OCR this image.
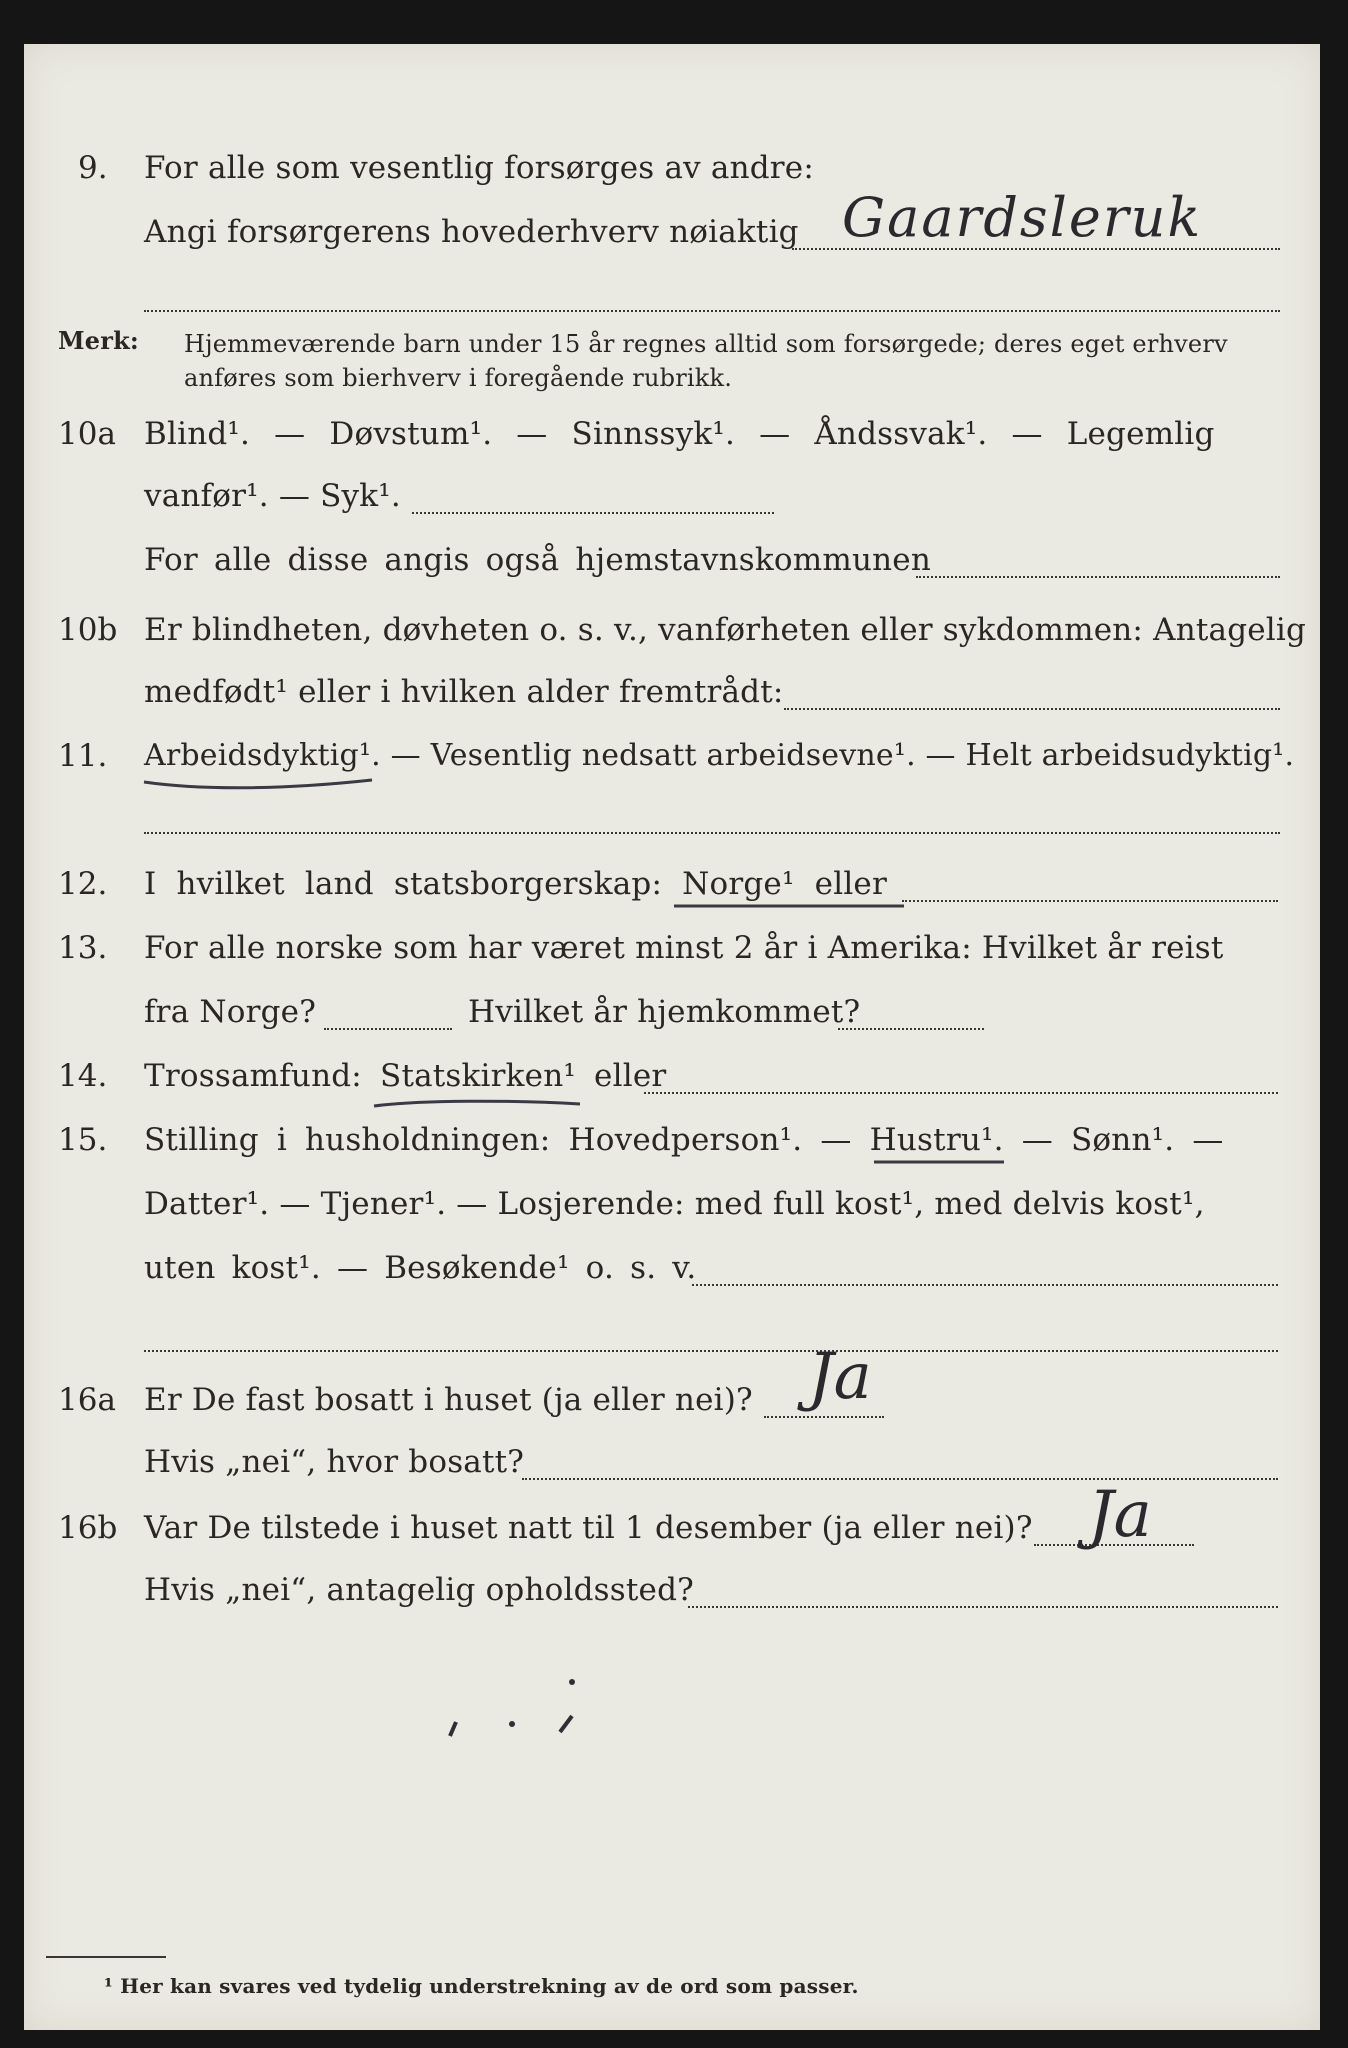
9. For alle som vesentlig forsørges av andre:
Angi forsørgerens hovederhverv nøiaktig Gaardsleruk
Merk: Hjemmeværende barn under 15 år regnes alltid som forsørgede; deres eget erhverv
anføres som bierhverv i foregående rubrikk.
10a Blind¹. — Døvstum¹. — Sinnssyk¹. — Åndssvak¹. — Legemlig
vanfør¹. — Syk¹.
For alle disse angis også hjemstavnskommunen
10b Er blindheten, døvheten o. s. v., vanførheten eller sykdommen: Antagelig
medfødt¹ eller i hvilken alder fremtrådt:
11. Arbeidsdyktig¹. — Vesentlig nedsatt arbeidsevne¹. — Helt arbeidsudyktig¹.
12. I hvilket land statsborgerskap: Norge¹ eller
13. For alle norske som har været minst 2 år i Amerika: Hvilket år reist
fra Norge?	Hvilket år hjemkommet?
14. Trossamfund: Statskirken¹ eller
15. Stilling i husholdningen: Hovedperson¹. — Hustru¹. — Sønn¹. —
Datter¹. — Tjener¹. — Losjerende: med full kost¹, med delvis kost¹,
uten kost¹. — Besøkende¹ o. s. v.
16a Er De fast bosatt i huset (ja eller nei)? Ja
Hvis „nei“, hvor bosatt?
16b Var De tilstede i huset natt til 1 desember (ja eller nei)? Ja
Hvis „nei“, antagelig opholdssted?
¹ Her kan svares ved tydelig understrekning av de ord som passer.
